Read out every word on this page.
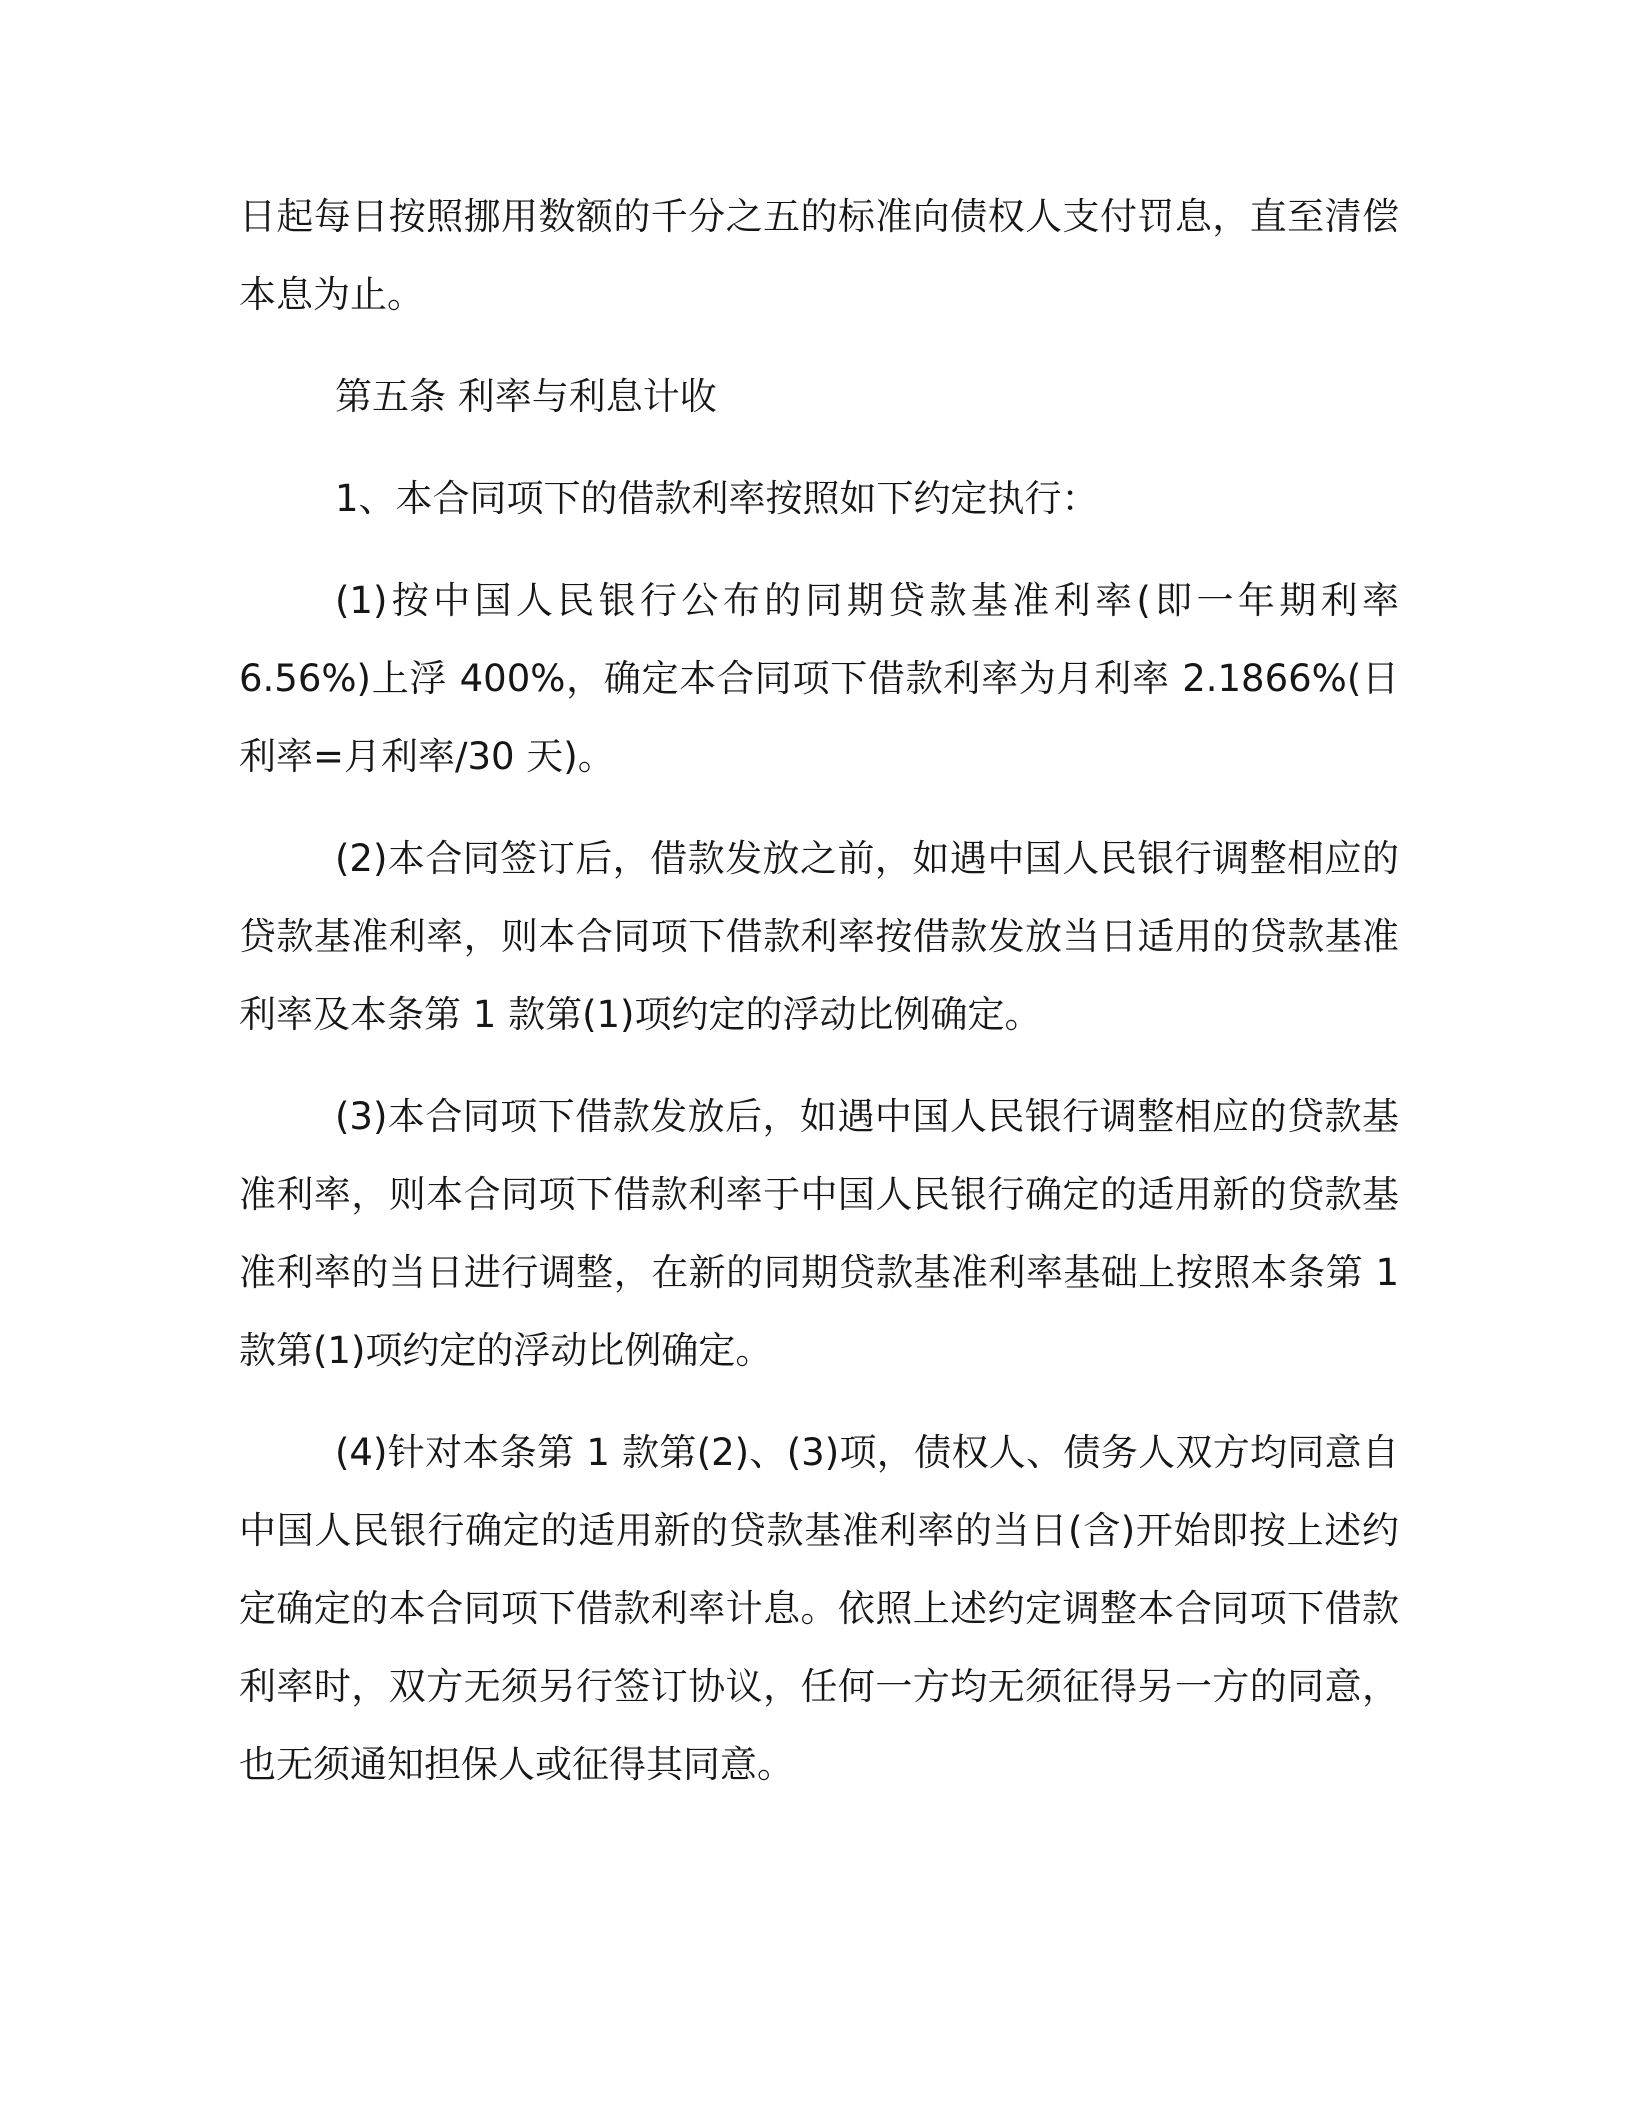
日起每日按照挪用数额的千分之五的标准向债权人支付罚息，直至清偿本息为止。

第五条 利率与利息计收

1、本合同项下的借款利率按照如下约定执行：

(1)按中国人民银行公布的同期贷款基准利率(即一年期利率6.56%)上浮 400%，确定本合同项下借款利率为月利率 2.1866%(日利率=月利率/30 天)。

(2)本合同签订后，借款发放之前，如遇中国人民银行调整相应的贷款基准利率，则本合同项下借款利率按借款发放当日适用的贷款基准利率及本条第 1 款第(1)项约定的浮动比例确定。

(3)本合同项下借款发放后，如遇中国人民银行调整相应的贷款基准利率，则本合同项下借款利率于中国人民银行确定的适用新的贷款基准利率的当日进行调整，在新的同期贷款基准利率基础上按照本条第 1 款第(1)项约定的浮动比例确定。

(4)针对本条第 1 款第(2)、(3)项，债权人、债务人双方均同意自中国人民银行确定的适用新的贷款基准利率的当日(含)开始即按上述约定确定的本合同项下借款利率计息。依照上述约定调整本合同项下借款利率时，双方无须另行签订协议，任何一方均无须征得另一方的同意，也无须通知担保人或征得其同意。
